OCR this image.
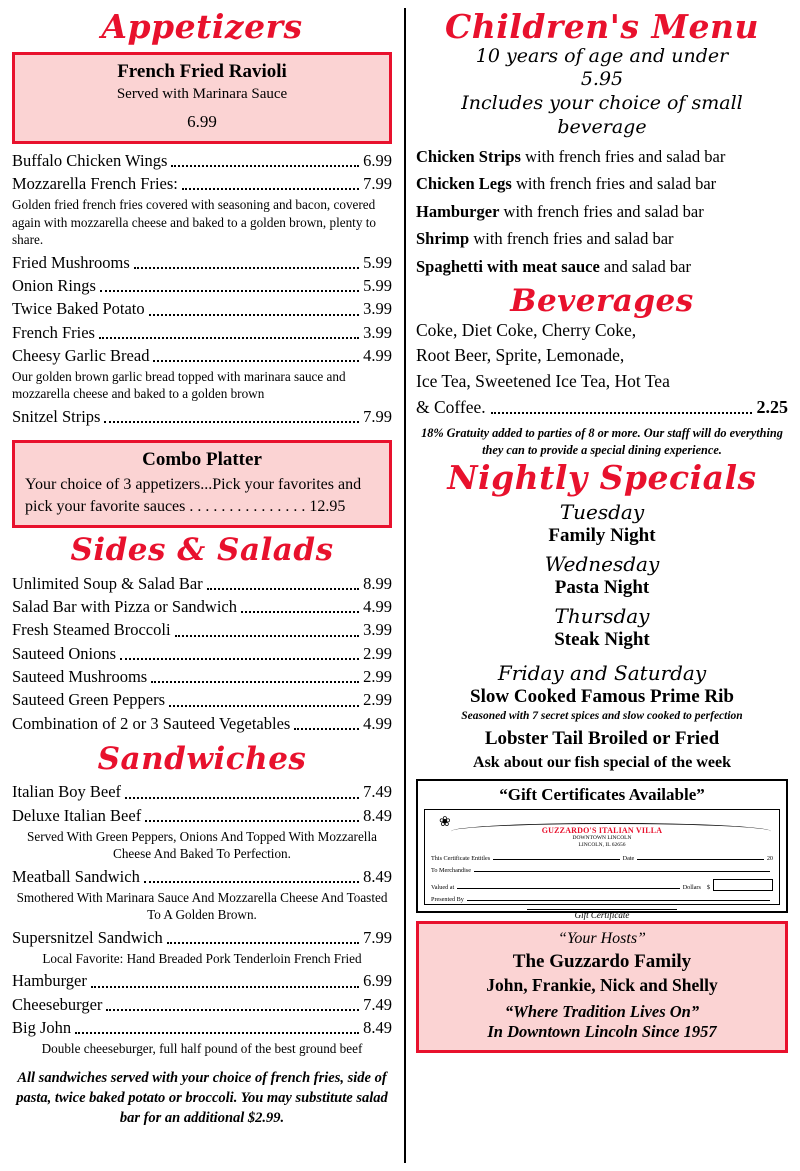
Appetizers
French Fried Ravioli
Served with Marinara Sauce
6.99
Buffalo Chicken Wings	6.99
Mozzarella French Fries:	7.99
Golden fried french fries covered with seasoning and bacon, covered again with mozzarella cheese and baked to a golden brown, plenty to share.
Fried Mushrooms	5.99
Onion Rings	5.99
Twice Baked Potato	3.99
French Fries	3.99
Cheesy Garlic Bread	4.99
Our golden brown garlic bread topped with marinara sauce and mozzarella cheese and baked to a golden brown
Snitzel Strips	7.99
Combo Platter
Your choice of 3 appetizers...Pick your favorites and pick your favorite sauces . . . . . . . . . . . . . . . 12.95
Sides & Salads
Unlimited Soup & Salad Bar	8.99
Salad Bar with Pizza or Sandwich	4.99
Fresh Steamed Broccoli	3.99
Sauteed Onions	2.99
Sauteed Mushrooms	2.99
Sauteed Green Peppers	2.99
Combination of 2 or 3 Sauteed Vegetables	4.99
Sandwiches
Italian Boy Beef	7.49
Deluxe Italian Beef	8.49
Served With Green Peppers, Onions And Topped With Mozzarella Cheese And Baked To Perfection.
Meatball Sandwich	8.49
Smothered With Marinara Sauce And Mozzarella Cheese And Toasted To A Golden Brown.
Supersnitzel Sandwich	7.99
Local Favorite: Hand Breaded Pork Tenderloin French Fried
Hamburger	6.99
Cheeseburger	7.49
Big John	8.49
Double cheeseburger, full half pound of the best ground beef
All sandwiches served with your choice of french fries, side of pasta, twice baked potato or broccoli. You may substitute salad bar for an additional $2.99.
Children's Menu
10 years of age and under
5.95
Includes your choice of small beverage
Chicken Strips with french fries and salad bar
Chicken Legs with french fries and salad bar
Hamburger with french fries and salad bar
Shrimp with french fries and salad bar
Spaghetti with meat sauce and salad bar
Beverages
Coke, Diet Coke, Cherry Coke,
Root Beer, Sprite, Lemonade,
Ice Tea, Sweetened Ice Tea, Hot Tea
& Coffee.	2.25
18% Gratuity added to parties of 8 or more. Our staff will do everything they can to provide a special dining experience.
Nightly Specials
Tuesday
Family Night
Wednesday
Pasta Night
Thursday
Steak Night
Friday and Saturday
Slow Cooked Famous Prime Rib
Seasoned with 7 secret spices and slow cooked to perfection
Lobster Tail Broiled or Fried
Ask about our fish special of the week
“Gift Certificates Available”
❀
GUZZARDO'S ITALIAN VILLA
DOWNTOWN LINCOLN
LINCOLN, IL 62656
This Certificate Entitles	Date	20
To Merchandise
Valued at	Dollars $
Presented By
Gift Certificate
“Your Hosts”
The Guzzardo Family
John, Frankie, Nick and Shelly
“Where Tradition Lives On”
In Downtown Lincoln Since 1957
